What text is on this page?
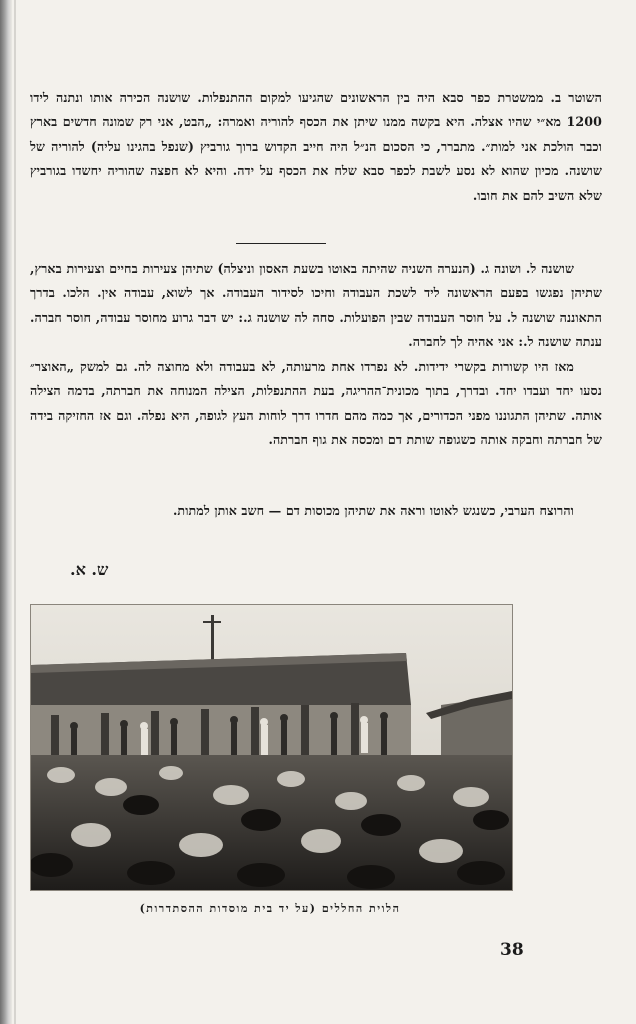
השוטר ב. ממשטרת כפר סבא היה בין הראשונים שהגיעו למקום ההתנפלות. שושנה הכירה אותו ונתנה לידו 1200 מא״י שהיו אצלה. היא בקשה ממנו שיתן את הכסף להוריה ואמרה: „הבט, אני רק שמונה חדשים בארץ וכבר הולכת אני למות״. מתברר, כי הסכום הנ״ל היה חייב הקדוש ברוך גורביץ (שנפל בהגינו עליה) להוריה של שושנה. מכיון שהוא לא נסע לשבת לכפר סבא שלח את הכסף על ידה. והיא לא חפצה שהוריה יחשדו בגורביץ שלא השיב להם את חובו.

שושנה ל. ושונה ג. (הנערה השניה שהיתה באוטו בשעת האסון וניצלה) שתיהן צעירות בחיים וצעירות בארץ, שתיהן נפגשו בפעם הראשונה ליד לשכת העבודה וחיכו לסידור העבודה. אך לשוא, עבודה אין. הלכו. בדרך התאוננה שושנה ל. על חוסר העבודה שבין הפועלות. סחה לה שושנה ג.: יש דבר גרוע מחוסר עבודה, חוסר חברה. ענתה שושנה ל.: אני אהיה לך לחברה.

מאז היו קשורות בקשרי ידידות. לא נפרדו אחת מרעותה, לא בעבודה ולא מחוצה לה. גם למשק „האוצר״ נסעו יחד ועבדו יחד. ובדרך, בתוך מכונית־ההריגה, בעת ההתנפלות, הצילה המנוחה את חברתה, בדמה הצילה אותה. שתיהן התגוננו מפני הכדורים, אך כמה מהם חדרו דרך לוחות העץ לגופה, היא נפלה. וגם אז החזיקה בידה של חברתה וחבקה אותה כשגופה שותת דם ומכסה את גוף חברתה.

והרוצח הערבי, כשנגש לאוטו וראה את שתיהן מכוסות דם — חשב אותן למתות.

ש. א.
הלוית החללים (על יד בית מוסדות ההסתדרות)
38
